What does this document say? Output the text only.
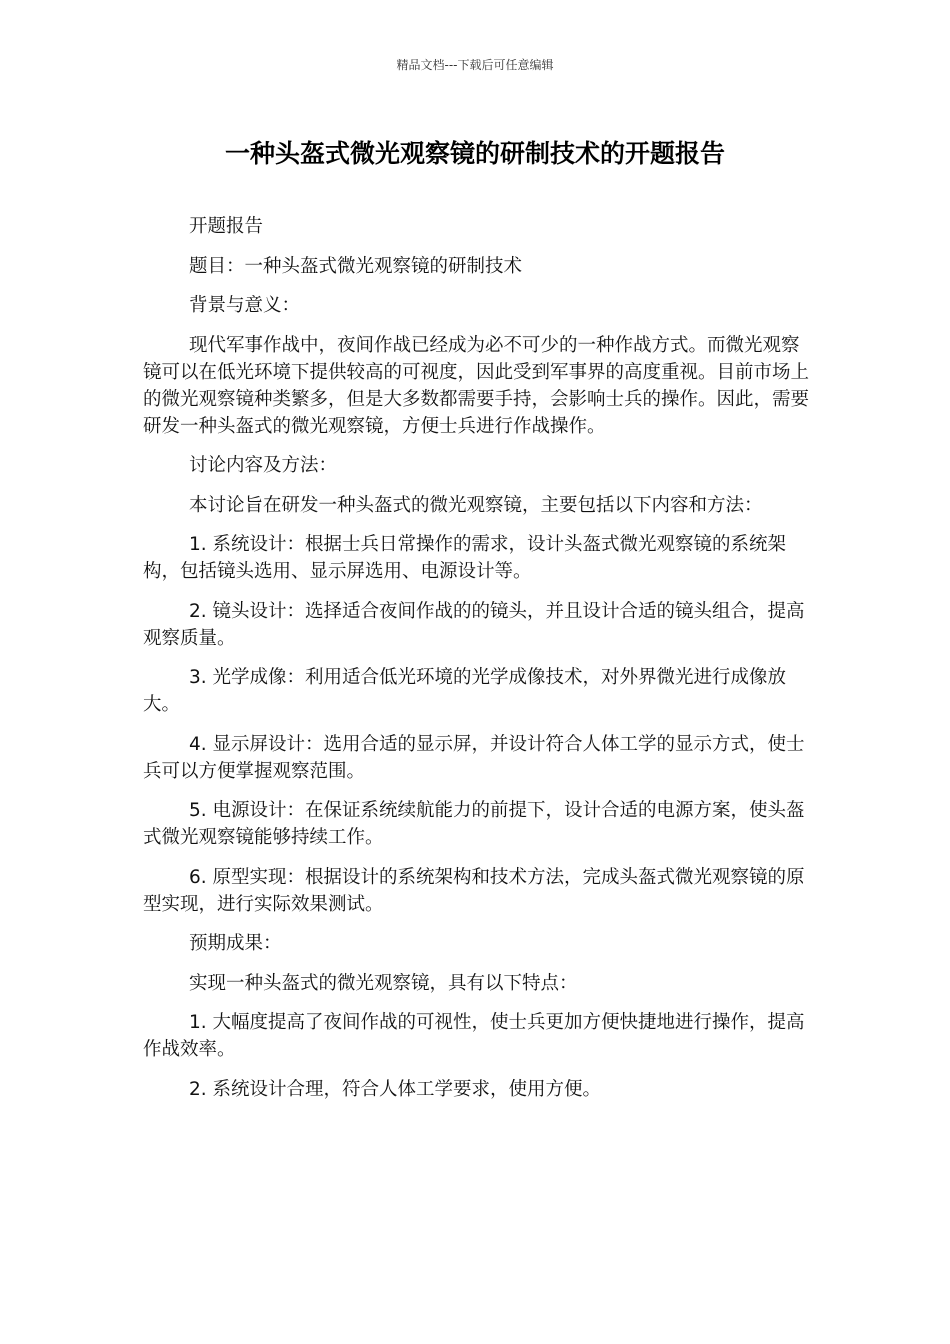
精品文档---下载后可任意编辑
一种头盔式微光观察镜的研制技术的开题报告

开题报告

题目：一种头盔式微光观察镜的研制技术

背景与意义：

现代军事作战中，夜间作战已经成为必不可少的一种作战方式。而微光观察镜可以在低光环境下提供较高的可视度，因此受到军事界的高度重视。目前市场上的微光观察镜种类繁多，但是大多数都需要手持，会影响士兵的操作。因此，需要研发一种头盔式的微光观察镜，方便士兵进行作战操作。

讨论内容及方法：

本讨论旨在研发一种头盔式的微光观察镜，主要包括以下内容和方法：

1. 系统设计：根据士兵日常操作的需求，设计头盔式微光观察镜的系统架构，包括镜头选用、显示屏选用、电源设计等。

2. 镜头设计：选择适合夜间作战的的镜头，并且设计合适的镜头组合，提高观察质量。

3. 光学成像：利用适合低光环境的光学成像技术，对外界微光进行成像放大。

4. 显示屏设计：选用合适的显示屏，并设计符合人体工学的显示方式，使士兵可以方便掌握观察范围。

5. 电源设计：在保证系统续航能力的前提下，设计合适的电源方案，使头盔式微光观察镜能够持续工作。

6. 原型实现：根据设计的系统架构和技术方法，完成头盔式微光观察镜的原型实现，进行实际效果测试。

预期成果：

实现一种头盔式的微光观察镜，具有以下特点：

1. 大幅度提高了夜间作战的可视性，使士兵更加方便快捷地进行操作，提高作战效率。

2. 系统设计合理，符合人体工学要求，使用方便。
